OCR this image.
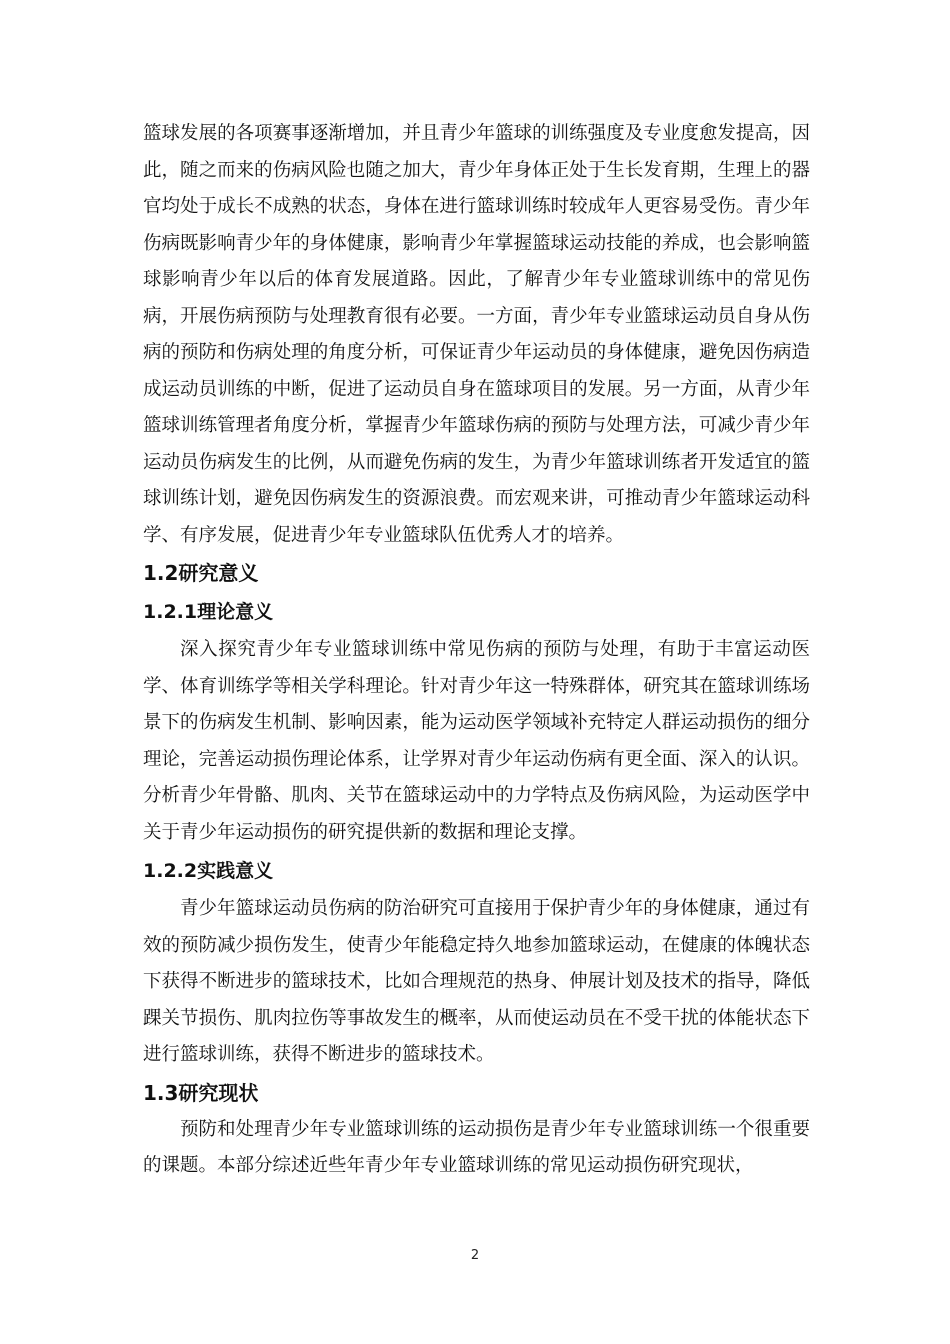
篮球发展的各项赛事逐渐增加，并且青少年篮球的训练强度及专业度愈发提高，因此，随之而来的伤病风险也随之加大，青少年身体正处于生长发育期，生理上的器官均处于成长不成熟的状态，身体在进行篮球训练时较成年人更容易受伤。青少年伤病既影响青少年的身体健康，影响青少年掌握篮球运动技能的养成，也会影响篮球影响青少年以后的体育发展道路。因此，了解青少年专业篮球训练中的常见伤病，开展伤病预防与处理教育很有必要。一方面，青少年专业篮球运动员自身从伤病的预防和伤病处理的角度分析，可保证青少年运动员的身体健康，避免因伤病造成运动员训练的中断，促进了运动员自身在篮球项目的发展。另一方面，从青少年篮球训练管理者角度分析，掌握青少年篮球伤病的预防与处理方法，可减少青少年运动员伤病发生的比例，从而避免伤病的发生，为青少年篮球训练者开发适宜的篮球训练计划，避免因伤病发生的资源浪费。而宏观来讲，可推动青少年篮球运动科学、有序发展，促进青少年专业篮球队伍优秀人才的培养。

1.2研究意义
1.2.1理论意义

深入探究青少年专业篮球训练中常见伤病的预防与处理，有助于丰富运动医学、体育训练学等相关学科理论。针对青少年这一特殊群体，研究其在篮球训练场景下的伤病发生机制、影响因素，能为运动医学领域补充特定人群运动损伤的细分理论，完善运动损伤理论体系，让学界对青少年运动伤病有更全面、深入的认识。分析青少年骨骼、肌肉、关节在篮球运动中的力学特点及伤病风险，为运动医学中关于青少年运动损伤的研究提供新的数据和理论支撑。

1.2.2实践意义

青少年篮球运动员伤病的防治研究可直接用于保护青少年的身体健康，通过有效的预防减少损伤发生，使青少年能稳定持久地参加篮球运动，在健康的体魄状态下获得不断进步的篮球技术，比如合理规范的热身、伸展计划及技术的指导，降低踝关节损伤、肌肉拉伤等事故发生的概率，从而使运动员在不受干扰的体能状态下进行篮球训练，获得不断进步的篮球技术。

1.3研究现状

预防和处理青少年专业篮球训练的运动损伤是青少年专业篮球训练一个很重要的课题。本部分综述近些年青少年专业篮球训练的常见运动损伤研究现状，

2
